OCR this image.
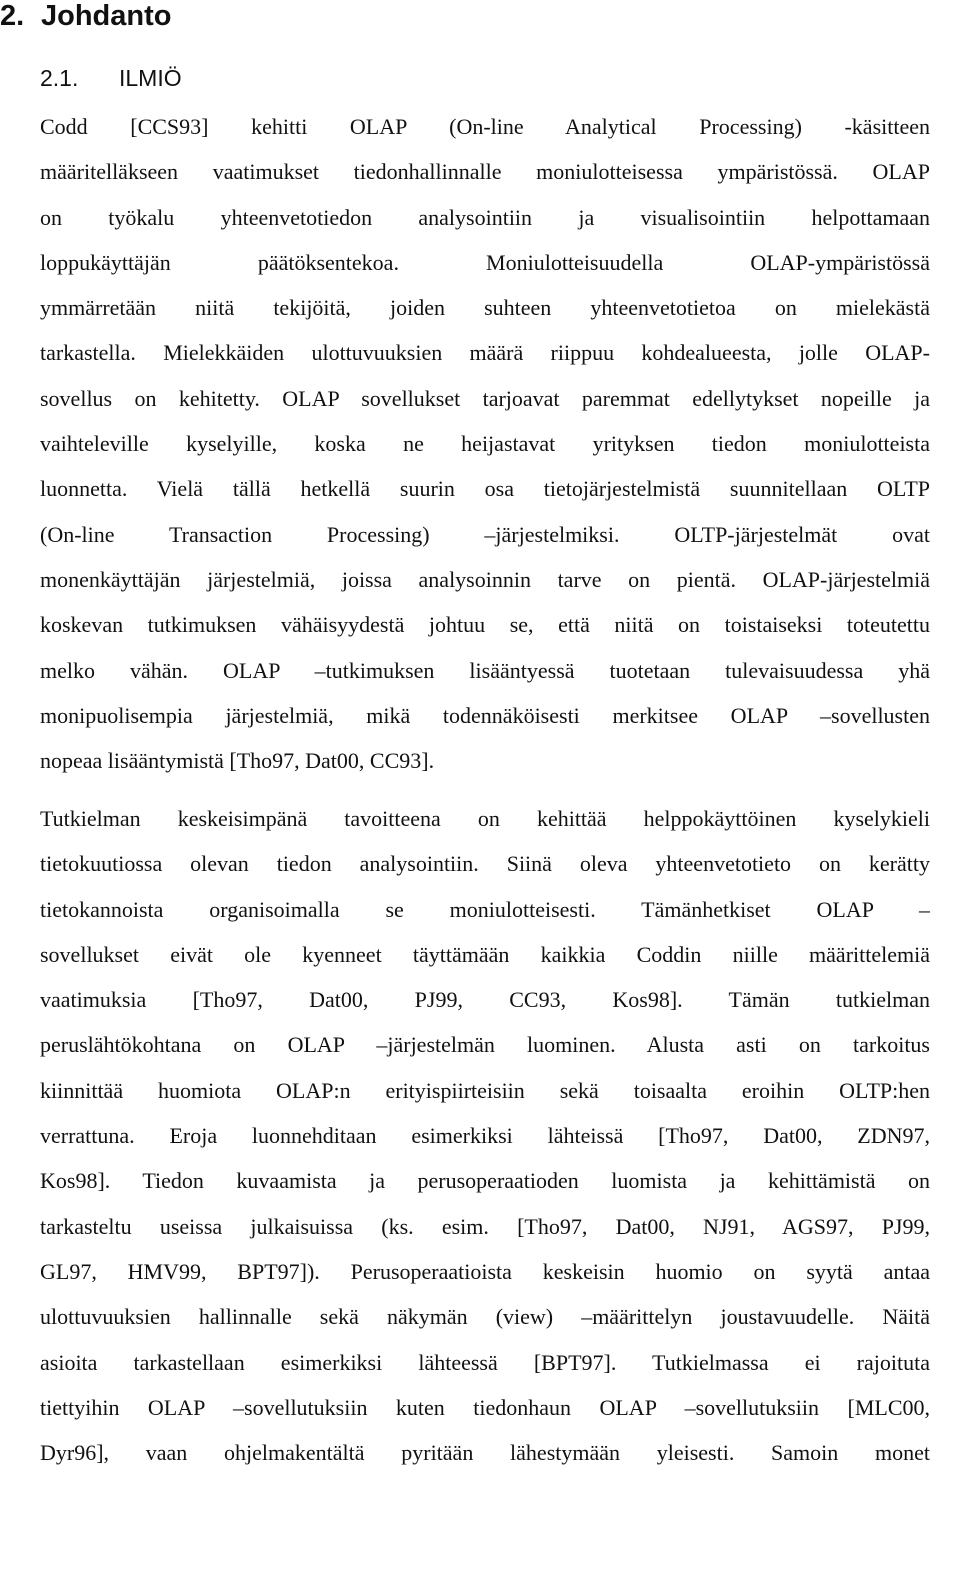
2. Johdanto
2.1. ILMIÖ
Codd [CCS93] kehitti OLAP (On-line Analytical Processing) -käsitteen
määritelläkseen vaatimukset tiedonhallinnalle moniulotteisessa ympäristössä. OLAP
on työkalu yhteenvetotiedon analysointiin ja visualisointiin helpottamaan
loppukäyttäjän päätöksentekoa. Moniulotteisuudella OLAP-ympäristössä
ymmärretään niitä tekijöitä, joiden suhteen yhteenvetotietoa on mielekästä
tarkastella. Mielekkäiden ulottuvuuksien määrä riippuu kohdealueesta, jolle OLAP-
sovellus on kehitetty. OLAP sovellukset tarjoavat paremmat edellytykset nopeille ja
vaihteleville kyselyille, koska ne heijastavat yrityksen tiedon moniulotteista
luonnetta. Vielä tällä hetkellä suurin osa tietojärjestelmistä suunnitellaan OLTP
(On-line Transaction Processing) –järjestelmiksi. OLTP-järjestelmät ovat
monenkäyttäjän järjestelmiä, joissa analysoinnin tarve on pientä. OLAP-järjestelmiä
koskevan tutkimuksen vähäisyydestä johtuu se, että niitä on toistaiseksi toteutettu
melko vähän. OLAP –tutkimuksen lisääntyessä tuotetaan tulevaisuudessa yhä
monipuolisempia järjestelmiä, mikä todennäköisesti merkitsee OLAP –sovellusten
nopeaa lisääntymistä [Tho97, Dat00, CC93].
Tutkielman keskeisimpänä tavoitteena on kehittää helppokäyttöinen kyselykieli
tietokuutiossa olevan tiedon analysointiin. Siinä oleva yhteenvetotieto on kerätty
tietokannoista organisoimalla se moniulotteisesti. Tämänhetkiset OLAP –
sovellukset eivät ole kyenneet täyttämään kaikkia Coddin niille määrittelemiä
vaatimuksia [Tho97, Dat00, PJ99, CC93, Kos98]. Tämän tutkielman
peruslähtökohtana on OLAP –järjestelmän luominen. Alusta asti on tarkoitus
kiinnittää huomiota OLAP:n erityispiirteisiin sekä toisaalta eroihin OLTP:hen
verrattuna. Eroja luonnehditaan esimerkiksi lähteissä [Tho97, Dat00, ZDN97,
Kos98]. Tiedon kuvaamista ja perusoperaatioden luomista ja kehittämistä on
tarkasteltu useissa julkaisuissa (ks. esim. [Tho97, Dat00, NJ91, AGS97, PJ99,
GL97, HMV99, BPT97]). Perusoperaatioista keskeisin huomio on syytä antaa
ulottuvuuksien hallinnalle sekä näkymän (view) –määrittelyn joustavuudelle. Näitä
asioita tarkastellaan esimerkiksi lähteessä [BPT97]. Tutkielmassa ei rajoituta
tiettyihin OLAP –sovellutuksiin kuten tiedonhaun OLAP –sovellutuksiin [MLC00,
Dyr96], vaan ohjelmakentältä pyritään lähestymään yleisesti. Samoin monet
